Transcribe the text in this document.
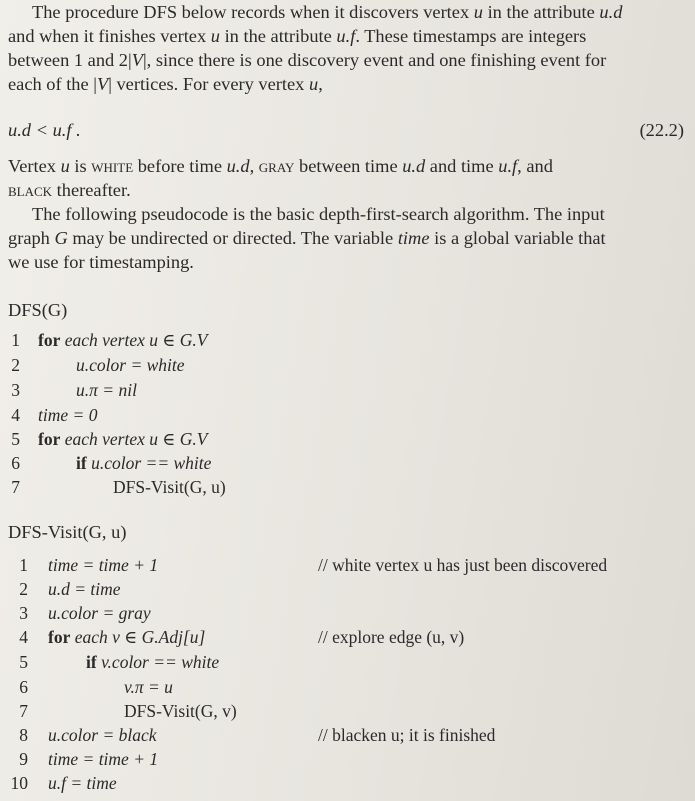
The procedure DFS below records when it discovers vertex u in the attribute u.d
and when it finishes vertex u in the attribute u.f. These timestamps are integers
between 1 and 2|V|, since there is one discovery event and one finishing event for
each of the |V| vertices. For every vertex u,

u.d < u.f .	(22.2)

Vertex u is white before time u.d, gray between time u.d and time u.f, and
black thereafter.

The following pseudocode is the basic depth-first-search algorithm. The input
graph G may be undirected or directed. The variable time is a global variable that
we use for timestamping.

DFS(G)
1 for each vertex u ∈ G.V
2	u.color = white
3	u.π = nil
4 time = 0
5 for each vertex u ∈ G.V
6	if u.color == white
7	DFS-Visit(G, u)
DFS-Visit(G, u)
1 time = time + 1	// white vertex u has just been discovered
2 u.d = time
3 u.color = gray
4 for each v ∈ G.Adj[u]	// explore edge (u, v)
5	if v.color == white
6	v.π = u
7	DFS-Visit(G, v)
8 u.color = black	// blacken u; it is finished
9 time = time + 1
10 u.f = time
